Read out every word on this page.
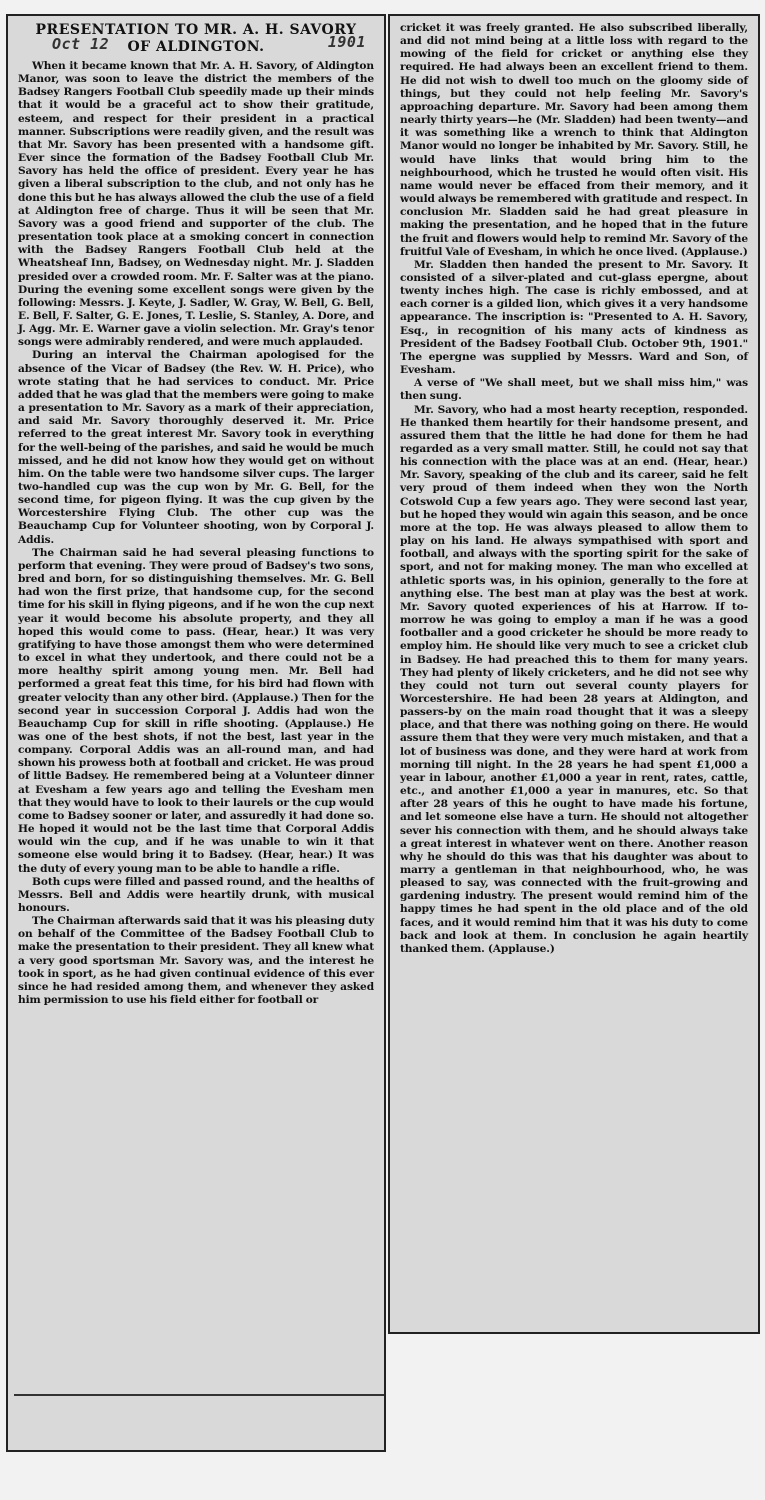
PRESENTATION TO MR. A. H. SAVORY
OF ALDINGTON.
Oct 12	1901

When it became known that Mr. A. H. Savory, of Aldington Manor, was soon to leave the district the members of the Badsey Rangers Football Club speedily made up their minds that it would be a graceful act to show their gratitude, esteem, and respect for their president in a practical manner. Subscriptions were readily given, and the result was that Mr. Savory has been presented with a handsome gift. Ever since the formation of the Badsey Football Club Mr. Savory has held the office of president. Every year he has given a liberal subscription to the club, and not only has he done this but he has always allowed the club the use of a field at Aldington free of charge. Thus it will be seen that Mr. Savory was a good friend and supporter of the club. The presentation took place at a smoking concert in connection with the Badsey Rangers Football Club held at the Wheatsheaf Inn, Badsey, on Wednesday night. Mr. J. Sladden presided over a crowded room. Mr. F. Salter was at the piano. During the evening some excellent songs were given by the following: Messrs. J. Keyte, J. Sadler, W. Gray, W. Bell, G. Bell, E. Bell, F. Salter, G. E. Jones, T. Leslie, S. Stanley, A. Dore, and J. Agg. Mr. E. Warner gave a violin selection. Mr. Gray's tenor songs were admirably rendered, and were much applauded.

During an interval the Chairman apologised for the absence of the Vicar of Badsey (the Rev. W. H. Price), who wrote stating that he had services to conduct. Mr. Price added that he was glad that the members were going to make a presentation to Mr. Savory as a mark of their appreciation, and said Mr. Savory thoroughly deserved it. Mr. Price referred to the great interest Mr. Savory took in everything for the well-being of the parishes, and said he would be much missed, and he did not know how they would get on without him. On the table were two handsome silver cups. The larger two-handled cup was the cup won by Mr. G. Bell, for the second time, for pigeon flying. It was the cup given by the Worcestershire Flying Club. The other cup was the Beauchamp Cup for Volunteer shooting, won by Corporal J. Addis.

The Chairman said he had several pleasing functions to perform that evening. They were proud of Badsey's two sons, bred and born, for so distinguishing themselves. Mr. G. Bell had won the first prize, that handsome cup, for the second time for his skill in flying pigeons, and if he won the cup next year it would become his absolute property, and they all hoped this would come to pass. (Hear, hear.) It was very gratifying to have those amongst them who were determined to excel in what they undertook, and there could not be a more healthy spirit among young men. Mr. Bell had performed a great feat this time, for his bird had flown with greater velocity than any other bird. (Applause.) Then for the second year in succession Corporal J. Addis had won the Beauchamp Cup for skill in rifle shooting. (Applause.) He was one of the best shots, if not the best, last year in the company. Corporal Addis was an all-round man, and had shown his prowess both at football and cricket. He was proud of little Badsey. He remembered being at a Volunteer dinner at Evesham a few years ago and telling the Evesham men that they would have to look to their laurels or the cup would come to Badsey sooner or later, and assuredly it had done so. He hoped it would not be the last time that Corporal Addis would win the cup, and if he was unable to win it that someone else would bring it to Badsey. (Hear, hear.) It was the duty of every young man to be able to handle a rifle.

Both cups were filled and passed round, and the healths of Messrs. Bell and Addis were heartily drunk, with musical honours.

The Chairman afterwards said that it was his pleasing duty on behalf of the Committee of the Badsey Football Club to make the presentation to their president. They all knew what a very good sportsman Mr. Savory was, and the interest he took in sport, as he had given continual evidence of this ever since he had resided among them, and whenever they asked him permission to use his field either for football or

cricket it was freely granted. He also subscribed liberally, and did not mind being at a little loss with regard to the mowing of the field for cricket or anything else they required. He had always been an excellent friend to them. He did not wish to dwell too much on the gloomy side of things, but they could not help feeling Mr. Savory's approaching departure. Mr. Savory had been among them nearly thirty years—he (Mr. Sladden) had been twenty—and it was something like a wrench to think that Aldington Manor would no longer be inhabited by Mr. Savory. Still, he would have links that would bring him to the neighbourhood, which he trusted he would often visit. His name would never be effaced from their memory, and it would always be remembered with gratitude and respect. In conclusion Mr. Sladden said he had great pleasure in making the presentation, and he hoped that in the future the fruit and flowers would help to remind Mr. Savory of the fruitful Vale of Evesham, in which he once lived. (Applause.)

Mr. Sladden then handed the present to Mr. Savory. It consisted of a silver-plated and cut-glass epergne, about twenty inches high. The case is richly embossed, and at each corner is a gilded lion, which gives it a very handsome appearance. The inscription is: "Presented to A. H. Savory, Esq., in recognition of his many acts of kindness as President of the Badsey Football Club. October 9th, 1901." The epergne was supplied by Messrs. Ward and Son, of Evesham.

A verse of "We shall meet, but we shall miss him," was then sung.

Mr. Savory, who had a most hearty reception, responded. He thanked them heartily for their handsome present, and assured them that the little he had done for them he had regarded as a very small matter. Still, he could not say that his connection with the place was at an end. (Hear, hear.) Mr. Savory, speaking of the club and its career, said he felt very proud of them indeed when they won the North Cotswold Cup a few years ago. They were second last year, but he hoped they would win again this season, and be once more at the top. He was always pleased to allow them to play on his land. He always sympathised with sport and football, and always with the sporting spirit for the sake of sport, and not for making money. The man who excelled at athletic sports was, in his opinion, generally to the fore at anything else. The best man at play was the best at work. Mr. Savory quoted experiences of his at Harrow. If to-morrow he was going to employ a man if he was a good footballer and a good cricketer he should be more ready to employ him. He should like very much to see a cricket club in Badsey. He had preached this to them for many years. They had plenty of likely cricketers, and he did not see why they could not turn out several county players for Worcestershire. He had been 28 years at Aldington, and passers-by on the main road thought that it was a sleepy place, and that there was nothing going on there. He would assure them that they were very much mistaken, and that a lot of business was done, and they were hard at work from morning till night. In the 28 years he had spent £1,000 a year in labour, another £1,000 a year in rent, rates, cattle, etc., and another £1,000 a year in manures, etc. So that after 28 years of this he ought to have made his fortune, and let someone else have a turn. He should not altogether sever his connection with them, and he should always take a great interest in whatever went on there. Another reason why he should do this was that his daughter was about to marry a gentleman in that neighbourhood, who, he was pleased to say, was connected with the fruit-growing and gardening industry. The present would remind him of the happy times he had spent in the old place and of the old faces, and it would remind him that it was his duty to come back and look at them. In conclusion he again heartily thanked them. (Applause.)
